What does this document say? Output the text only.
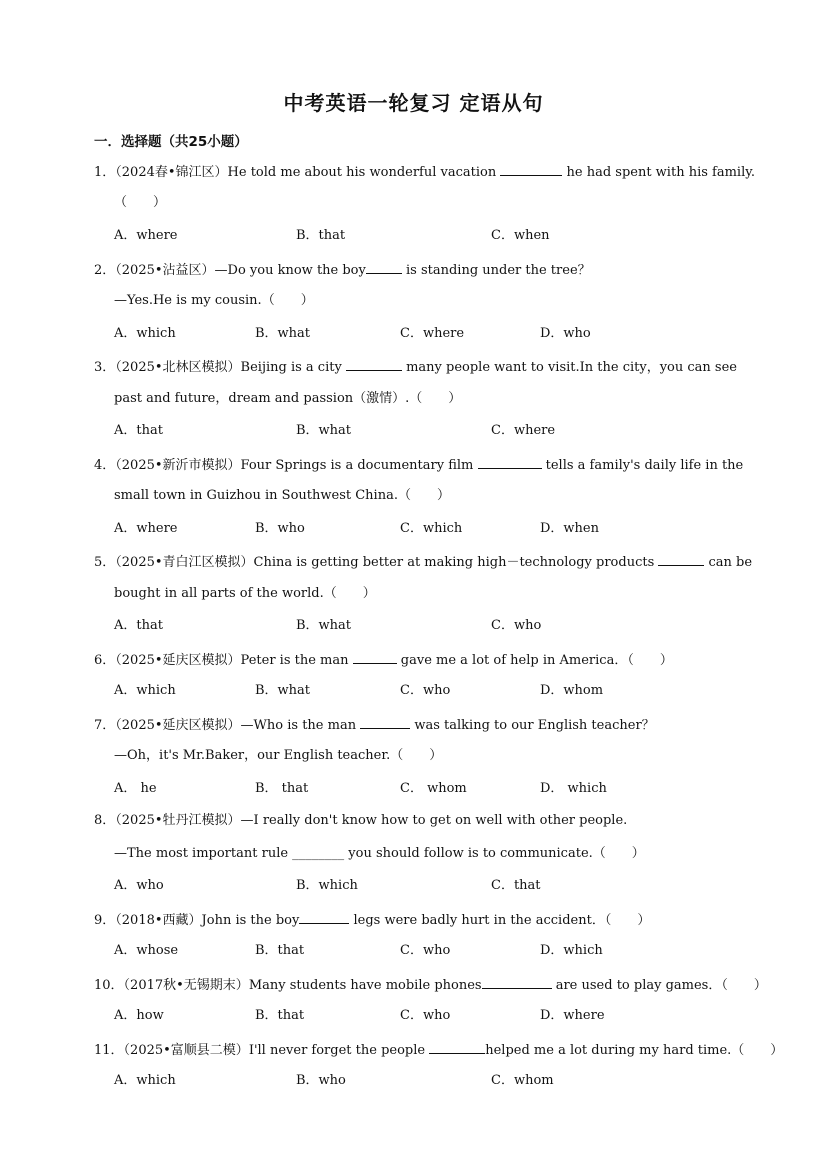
中考英语一轮复习 定语从句
一．选择题（共25小题）
1．（2024春•锦江区）He told me about his wonderful vacation	he had spent with his family.
（　　）
A．where	B．that	C．when
2．（2025•沾益区）—Do you know the boy	is standing under the tree？
—Yes.He is my cousin.（　　）
A．which	B．what	C．where	D．who
3．（2025•北林区模拟）Beijing is a city	many people want to visit.In the city，you can see
past and future，dream and passion（激情）.（　　）
A．that	B．what	C．where
4．（2025•新沂市模拟）Four Springs is a documentary film	tells a family's daily life in the
small town in Guizhou in Southwest China.（　　）
A．where	B．who	C．which	D．when
5．（2025•青白江区模拟）China is getting better at making high－technology products	can be
bought in all parts of the world.（　　）
A．that	B．what	C．who
6．（2025•延庆区模拟）Peter is the man	gave me a lot of help in America．（　　）
A．which	B．what	C．who	D．whom
7．（2025•延庆区模拟）—Who is the man	was talking to our English teacher？
—Oh，it's Mr.Baker，our English teacher.（　　）
A． he	B． that	C． whom	D． which
8．（2025•牡丹江模拟）—I really don't know how to get on well with other people.
—The most important rule ________ you should follow is to communicate.（　　）
A．who	B．which	C．that
9．（2018•西藏）John is the boy	legs were badly hurt in the accident．（　　）
A．whose	B．that	C．who	D．which
10．（2017秋•无锡期末）Many students have mobile phones	are used to play games．（　　）
A．how	B．that	C．who	D．where
11．（2025•富顺县二模）I'll never forget the people	helped me a lot during my hard time.（　　）
A．which	B．who	C．whom
